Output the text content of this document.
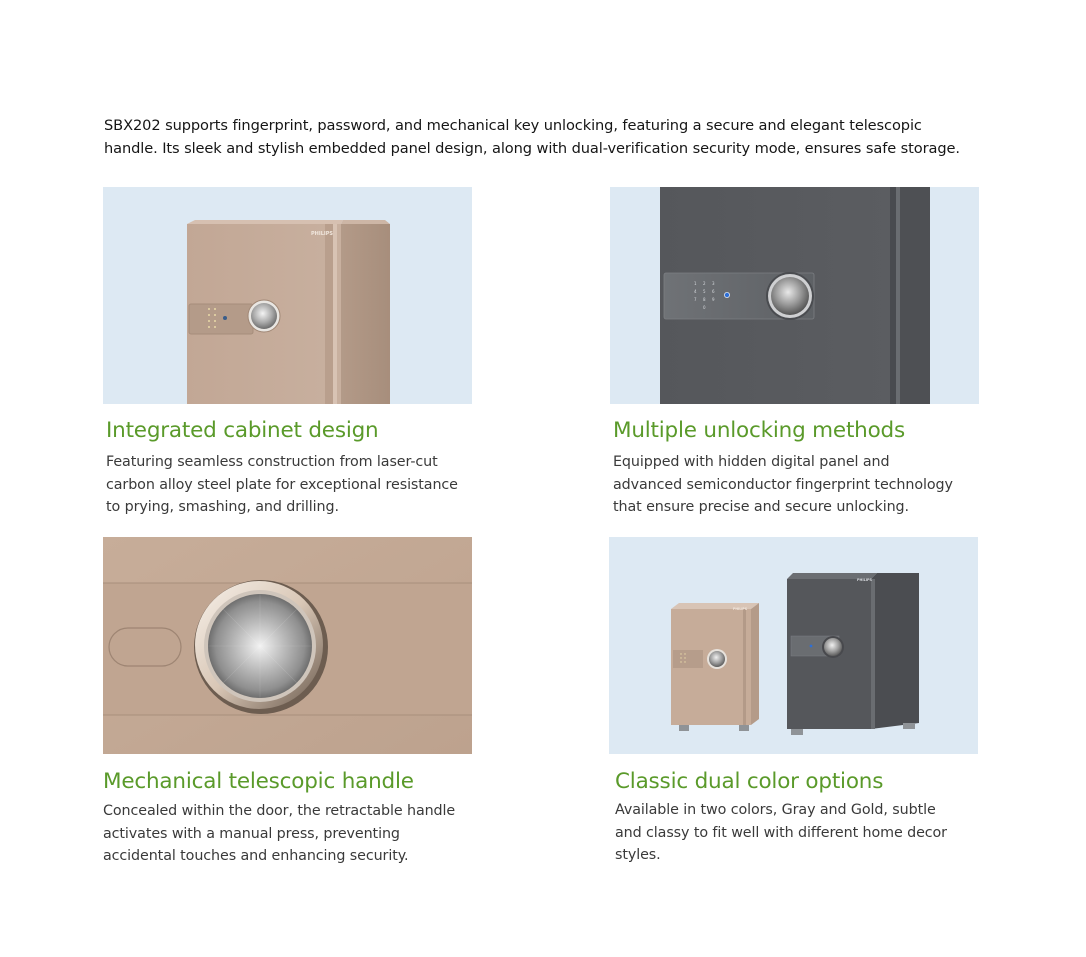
SBX202 supports fingerprint, password, and mechanical key unlocking, featuring a secure and elegant telescopic
handle. Its sleek and stylish embedded panel design, along with dual-verification security mode, ensures safe storage.
PHILIPS
Integrated cabinet design
Featuring seamless construction from laser-cut
carbon alloy steel plate for exceptional resistance
to prying, smashing, and drilling.
1 2 3
4 5 6
7 8 9
0
Multiple unlocking methods
Equipped with hidden digital panel and
advanced semiconductor fingerprint technology
that ensure precise and secure unlocking.
Mechanical telescopic handle
Concealed within the door, the retractable handle
activates with a manual press, preventing
accidental touches and enhancing security.
PHILIPS
PHILIPS
Classic dual color options
Available in two colors, Gray and Gold, subtle
and classy to fit well with different home decor
styles.
